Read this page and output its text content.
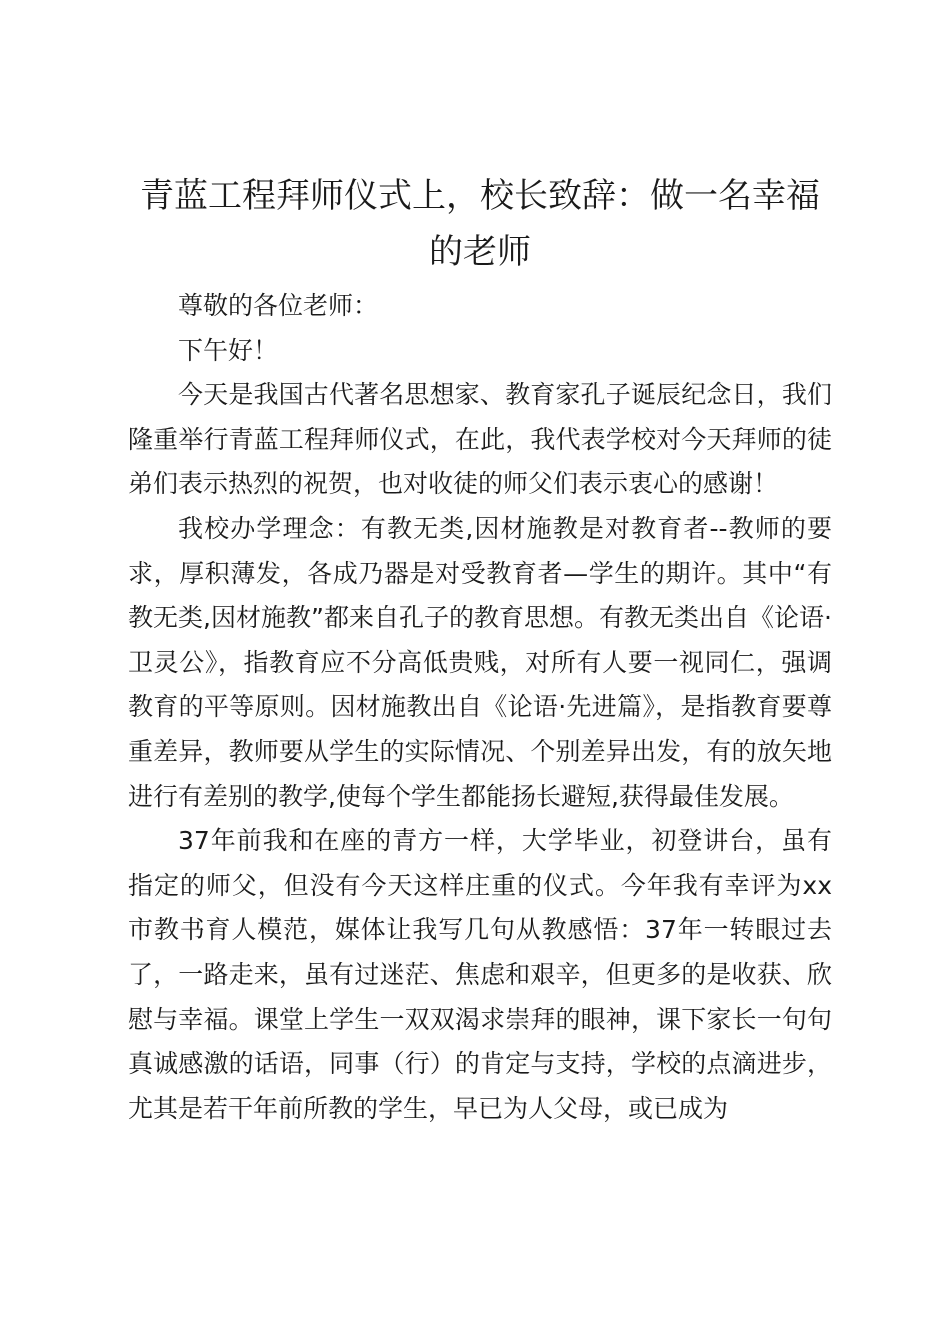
青蓝工程拜师仪式上，校长致辞：做一名幸福的老师

尊敬的各位老师：

下午好！

今天是我国古代著名思想家、教育家孔子诞辰纪念日，我们隆重举行青蓝工程拜师仪式，在此，我代表学校对今天拜师的徒弟们表示热烈的祝贺，也对收徒的师父们表示衷心的感谢！

我校办学理念：有教无类,因材施教是对教育者--教师的要求，厚积薄发，各成乃器是对受教育者—学生的期许。其中“有教无类,因材施教”都来自孔子的教育思想。有教无类出自《论语·卫灵公》，指教育应不分高低贵贱，对所有人要一视同仁，强调教育的平等原则。因材施教出自《论语·先进篇》，是指教育要尊重差异，教师要从学生的实际情况、个别差异出发，有的放矢地进行有差别的教学,使每个学生都能扬长避短,获得最佳发展。

37年前我和在座的青方一样，大学毕业，初登讲台，虽有指定的师父，但没有今天这样庄重的仪式。今年我有幸评为xx市教书育人模范，媒体让我写几句从教感悟：37年一转眼过去了，一路走来，虽有过迷茫、焦虑和艰辛，但更多的是收获、欣慰与幸福。课堂上学生一双双渴求崇拜的眼神，课下家长一句句真诚感激的话语，同事（行）的肯定与支持，学校的点滴进步，尤其是若干年前所教的学生，早已为人父母，或已成为
